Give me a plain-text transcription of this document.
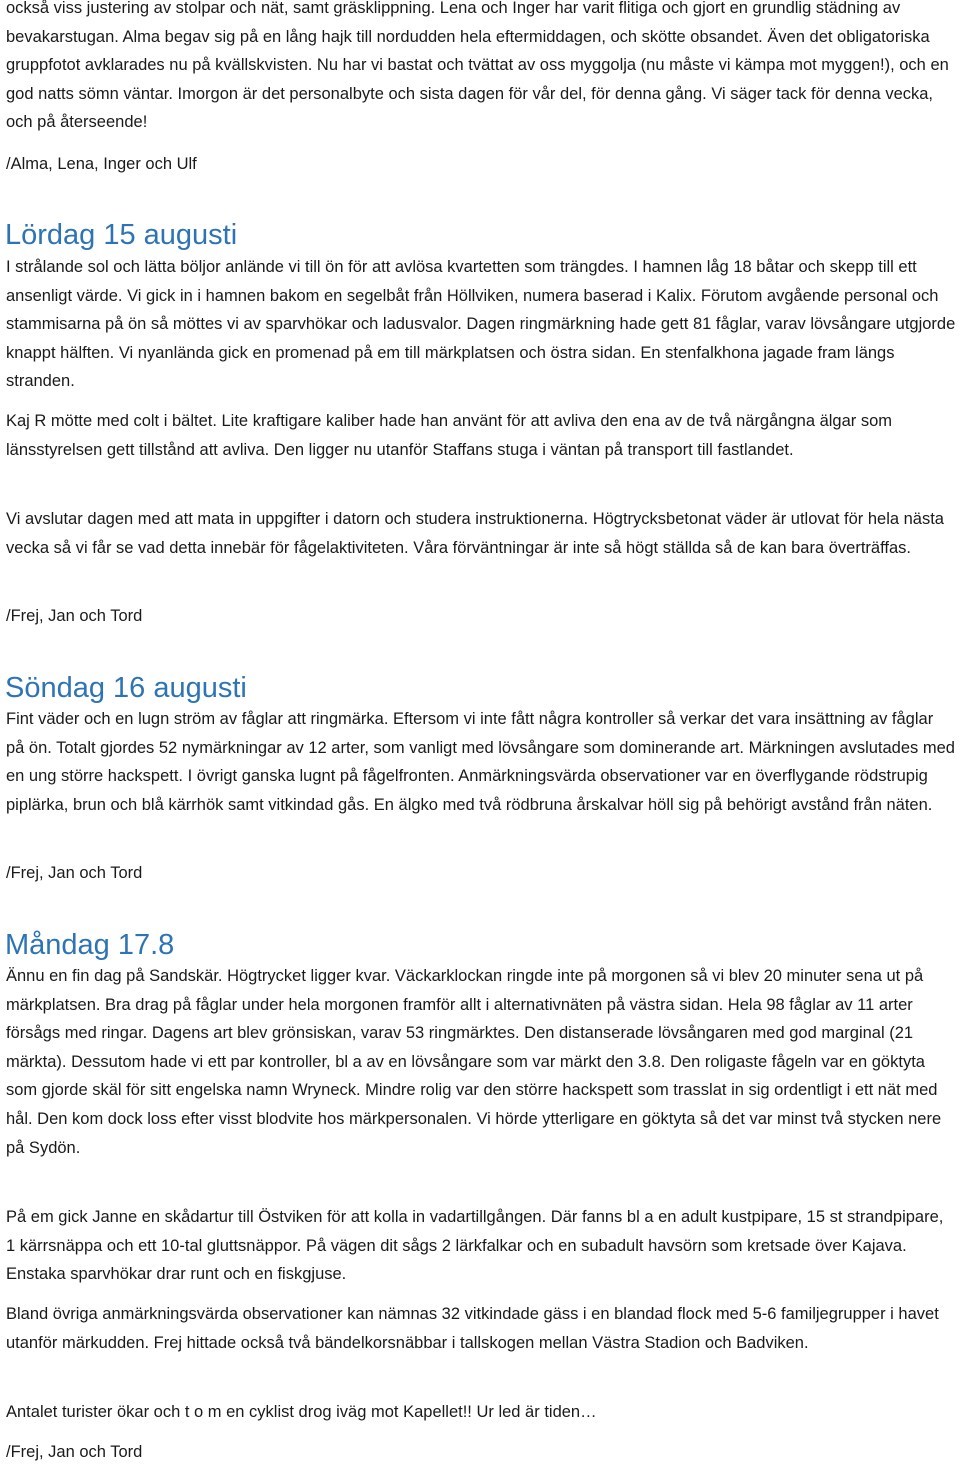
också viss justering av stolpar och nät, samt gräsklippning. Lena och Inger har varit flitiga och gjort en grundlig städning av bevakarstugan. Alma begav sig på en lång hajk till nordudden hela eftermiddagen, och skötte obsandet. Även det obligatoriska gruppfotot avklarades nu på kvällskvisten. Nu har vi bastat och tvättat av oss myggolja (nu måste vi kämpa mot myggen!), och en god natts sömn väntar. Imorgon är det personalbyte och sista dagen för vår del, för denna gång. Vi säger tack för denna vecka, och på återseende!

/Alma, Lena, Inger och Ulf

Lördag 15 augusti

I strålande sol och lätta böljor anlände vi till ön för att avlösa kvartetten som trängdes. I hamnen låg 18 båtar och skepp till ett ansenligt värde. Vi gick in i hamnen bakom en segelbåt från Höllviken, numera baserad i Kalix. Förutom avgående personal och stammisarna på ön så möttes vi av sparvhökar och ladusvalor. Dagen ringmärkning hade gett 81 fåglar, varav lövsångare utgjorde knappt hälften. Vi nyanlända gick en promenad på em till märkplatsen och östra sidan. En stenfalkhona jagade fram längs stranden.

Kaj R mötte med colt i bältet. Lite kraftigare kaliber hade han använt för att avliva den ena av de två närgångna älgar som länsstyrelsen gett tillstånd att avliva. Den ligger nu utanför Staffans stuga i väntan på transport till fastlandet.

Vi avslutar dagen med att mata in uppgifter i datorn och studera instruktionerna. Högtrycksbetonat väder är utlovat för hela nästa vecka så vi får se vad detta innebär för fågelaktiviteten. Våra förväntningar är inte så högt ställda så de kan bara överträffas.

/Frej, Jan och Tord

Söndag 16 augusti

Fint väder och en lugn ström av fåglar att ringmärka. Eftersom vi inte fått några kontroller så verkar det vara insättning av fåglar på ön. Totalt gjordes 52 nymärkningar av 12 arter, som vanligt med lövsångare som dominerande art. Märkningen avslutades med en ung större hackspett. I övrigt ganska lugnt på fågelfronten. Anmärkningsvärda observationer var en överflygande rödstrupig piplärka, brun och blå kärrhök samt vitkindad gås. En älgko med två rödbruna årskalvar höll sig på behörigt avstånd från näten.

/Frej, Jan och Tord

Måndag 17.8

Ännu en fin dag på Sandskär. Högtrycket ligger kvar. Väckarklockan ringde inte på morgonen så vi blev 20 minuter sena ut på märkplatsen. Bra drag på fåglar under hela morgonen framför allt i alternativnäten på västra sidan. Hela 98 fåglar av 11 arter försågs med ringar. Dagens art blev grönsiskan, varav 53 ringmärktes. Den distanserade lövsångaren med god marginal (21 märkta). Dessutom hade vi ett par kontroller, bl a av en lövsångare som var märkt den 3.8. Den roligaste fågeln var en göktyta som gjorde skäl för sitt engelska namn Wryneck. Mindre rolig var den större hackspett som trasslat in sig ordentligt i ett nät med hål. Den kom dock loss efter visst blodvite hos märkpersonalen. Vi hörde ytterligare en göktyta så det var minst två stycken nere på Sydön.

På em gick Janne en skådartur till Östviken för att kolla in vadartillgången. Där fanns bl a en adult kustpipare, 15 st strandpipare, 1 kärrsnäppa och ett 10-tal gluttsnäppor. På vägen dit sågs 2 lärkfalkar och en subadult havsörn som kretsade över Kajava. Enstaka sparvhökar drar runt och en fiskgjuse.

Bland övriga anmärkningsvärda observationer kan nämnas 32 vitkindade gäss i en blandad flock med 5-6 familjegrupper i havet utanför märkudden. Frej hittade också två bändelkorsnäbbar i tallskogen mellan Västra Stadion och Badviken.

Antalet turister ökar och t o m en cyklist drog iväg mot Kapellet!! Ur led är tiden…

/Frej, Jan och Tord
